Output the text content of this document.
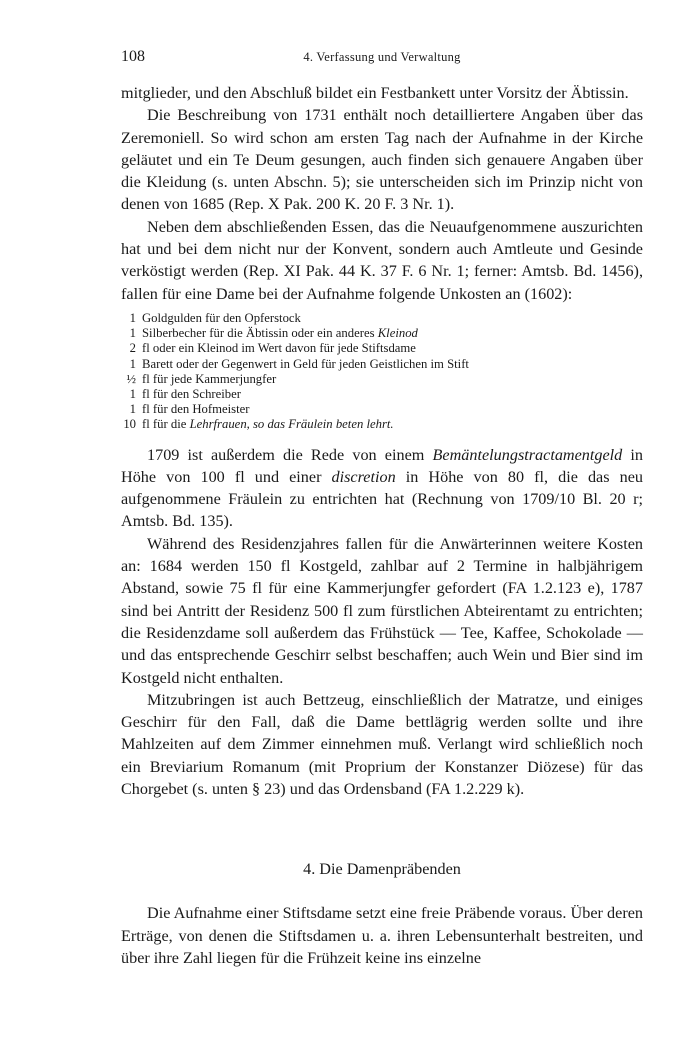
108	4. Verfassung und Verwaltung

mitglieder, und den Abschluß bildet ein Festbankett unter Vorsitz der Äbtissin.

Die Beschreibung von 1731 enthält noch detailliertere Angaben über das Zeremoniell. So wird schon am ersten Tag nach der Aufnahme in der Kirche geläutet und ein Te Deum gesungen, auch finden sich genauere Angaben über die Kleidung (s. unten Abschn. 5); sie unterscheiden sich im Prinzip nicht von denen von 1685 (Rep. X Pak. 200 K. 20 F. 3 Nr. 1).

Neben dem abschließenden Essen, das die Neuaufgenommene auszurichten hat und bei dem nicht nur der Konvent, sondern auch Amtleute und Gesinde verköstigt werden (Rep. XI Pak. 44 K. 37 F. 6 Nr. 1; ferner: Amtsb. Bd. 1456), fallen für eine Dame bei der Aufnahme folgende Unkosten an (1602):

1 Goldgulden für den Opferstock
1 Silberbecher für die Äbtissin oder ein anderes Kleinod
2 fl oder ein Kleinod im Wert davon für jede Stiftsdame
1 Barett oder der Gegenwert in Geld für jeden Geistlichen im Stift
½ fl für jede Kammerjungfer
1 fl für den Schreiber
1 fl für den Hofmeister
10 fl für die Lehrfrauen, so das Fräulein beten lehrt.

1709 ist außerdem die Rede von einem Bemäntelungstractamentgeld in Höhe von 100 fl und einer discretion in Höhe von 80 fl, die das neu aufgenommene Fräulein zu entrichten hat (Rechnung von 1709/10 Bl. 20 r; Amtsb. Bd. 135).

Während des Residenzjahres fallen für die Anwärterinnen weitere Kosten an: 1684 werden 150 fl Kostgeld, zahlbar auf 2 Termine in halbjährigem Abstand, sowie 75 fl für eine Kammerjungfer gefordert (FA 1.2.123 e), 1787 sind bei Antritt der Residenz 500 fl zum fürstlichen Abteirentamt zu entrichten; die Residenzdame soll außerdem das Frühstück — Tee, Kaffee, Schokolade — und das entsprechende Geschirr selbst beschaffen; auch Wein und Bier sind im Kostgeld nicht enthalten.

Mitzubringen ist auch Bettzeug, einschließlich der Matratze, und einiges Geschirr für den Fall, daß die Dame bettlägrig werden sollte und ihre Mahlzeiten auf dem Zimmer einnehmen muß. Verlangt wird schließlich noch ein Breviarium Romanum (mit Proprium der Konstanzer Diözese) für das Chorgebet (s. unten § 23) und das Ordensband (FA 1.2.229 k).

4. Die Damenpräbenden

Die Aufnahme einer Stiftsdame setzt eine freie Präbende voraus. Über deren Erträge, von denen die Stiftsdamen u. a. ihren Lebensunterhalt bestreiten, und über ihre Zahl liegen für die Frühzeit keine ins einzelne
